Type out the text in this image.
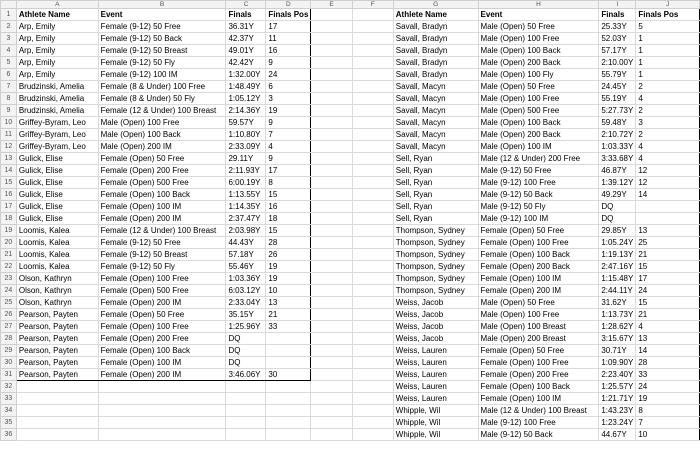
	A	B	C	D	E	F	G	H	I	J
1	Athlete Name	Event	Finals	Finals Pos			Athlete Name	Event	Finals	Finals Pos
2	Arp, Emily	Female (9-12) 50 Free	36.31Y	17			Savall, Bradyn	Male (Open) 50 Free	25.33Y	5
3	Arp, Emily	Female (9-12) 50 Back	42.37Y	11			Savall, Bradyn	Male (Open) 100 Free	52.03Y	1
4	Arp, Emily	Female (9-12) 50 Breast	49.01Y	16			Savall, Bradyn	Male (Open) 100 Back	57.17Y	1
5	Arp, Emily	Female (9-12) 50 Fly	42.42Y	9			Savall, Bradyn	Male (Open) 200 Back	2:10.00Y	1
6	Arp, Emily	Female (9-12) 100 IM	1:32.00Y	24			Savall, Bradyn	Male (Open) 100 Fly	55.79Y	1
7	Brudzinski, Amelia	Female (8 & Under) 100 Free	1:48.49Y	6			Savall, Macyn	Male (Open) 50 Free	24.45Y	2
8	Brudzinski, Amelia	Female (8 & Under) 50 Fly	1:05.12Y	3			Savall, Macyn	Male (Open) 100 Free	55.19Y	4
9	Brudzinski, Amelia	Female (12 & Under) 100 Breast	2:14.36Y	19			Savall, Macyn	Male (Open) 500 Free	5:27.73Y	2
10	Griffey-Byram, Leo	Male (Open) 100 Free	59.57Y	9			Savall, Macyn	Male (Open) 100 Back	59.48Y	3
11	Griffey-Byram, Leo	Male (Open) 100 Back	1:10.80Y	7			Savall, Macyn	Male (Open) 200 Back	2:10.72Y	2
12	Griffey-Byram, Leo	Male (Open) 200 IM	2:33.09Y	4			Savall, Macyn	Male (Open) 100 IM	1:03.33Y	4
13	Gulick, Elise	Female (Open) 50 Free	29.11Y	9			Sell, Ryan	Male (12 & Under) 200 Free	3:33.68Y	4
14	Gulick, Elise	Female (Open) 200 Free	2:11.93Y	17			Sell, Ryan	Male (9-12) 50 Free	46.87Y	12
15	Gulick, Elise	Female (Open) 500 Free	6:00.19Y	8			Sell, Ryan	Male (9-12) 100 Free	1:39.12Y	12
16	Gulick, Elise	Female (Open) 100 Back	1:13.55Y	15			Sell, Ryan	Male (9-12) 50 Back	49.29Y	14
17	Gulick, Elise	Female (Open) 100 IM	1:14.35Y	16			Sell, Ryan	Male (9-12) 50 Fly	DQ	
18	Gulick, Elise	Female (Open) 200 IM	2:37.47Y	18			Sell, Ryan	Male (9-12) 100 IM	DQ	
19	Loomis, Kalea	Female (12 & Under) 100 Breast	2:03.98Y	15			Thompson, Sydney	Female (Open) 50 Free	29.85Y	13
20	Loomis, Kalea	Female (9-12) 50 Free	44.43Y	28			Thompson, Sydney	Female (Open) 100 Free	1:05.24Y	25
21	Loomis, Kalea	Female (9-12) 50 Breast	57.18Y	26			Thompson, Sydney	Female (Open) 100 Back	1:19.13Y	21
22	Loomis, Kalea	Female (9-12) 50 Fly	55.46Y	19			Thompson, Sydney	Female (Open) 200 Back	2:47.16Y	15
23	Olson, Kathryn	Female (Open) 100 Free	1:03.36Y	19			Thompson, Sydney	Female (Open) 100 IM	1:15.48Y	17
24	Olson, Kathryn	Female (Open) 500 Free	6:03.12Y	10			Thompson, Sydney	Female (Open) 200 IM	2:44.11Y	24
25	Olson, Kathryn	Female (Open) 200 IM	2:33.04Y	13			Weiss, Jacob	Male (Open) 50 Free	31.62Y	15
26	Pearson, Payten	Female (Open) 50 Free	35.15Y	21			Weiss, Jacob	Male (Open) 100 Free	1:13.73Y	21
27	Pearson, Payten	Female (Open) 100 Free	1:25.96Y	33			Weiss, Jacob	Male (Open) 100 Breast	1:28.62Y	4
28	Pearson, Payten	Female (Open) 200 Free	DQ				Weiss, Jacob	Male (Open) 200 Breast	3:15.67Y	13
29	Pearson, Payten	Female (Open) 100 Back	DQ				Weiss, Lauren	Female (Open) 50 Free	30.71Y	14
30	Pearson, Payten	Female (Open) 100 IM	DQ				Weiss, Lauren	Female (Open) 100 Free	1:09.90Y	28
31	Pearson, Payten	Female (Open) 200 IM	3:46.06Y	30			Weiss, Lauren	Female (Open) 200 Free	2:23.40Y	33
32							Weiss, Lauren	Female (Open) 100 Back	1:25.57Y	24
33							Weiss, Lauren	Female (Open) 100 IM	1:21.71Y	19
34							Whipple, Wil	Male (12 & Under) 100 Breast	1:43.23Y	8
35							Whipple, Wil	Male (9-12) 100 Free	1:23.24Y	7
36							Whipple, Wil	Male (9-12) 50 Back	44.67Y	10
